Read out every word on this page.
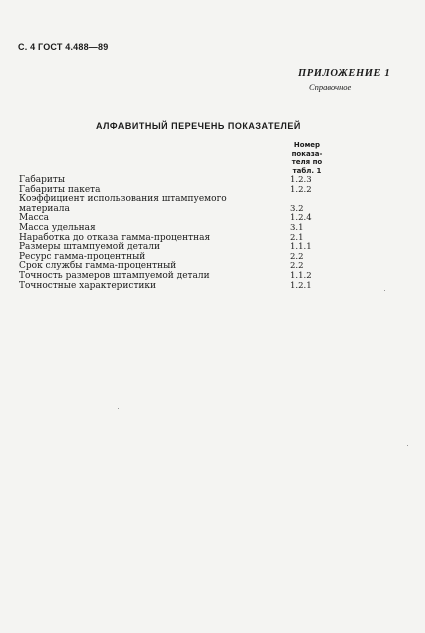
С. 4 ГОСТ 4.488—89
ПРИЛОЖЕНИЕ 1
Справочное
АЛФАВИТНЫЙ ПЕРЕЧЕНЬ ПОКАЗАТЕЛЕЙ
Номер
показа-
теля по
табл. 1
Габариты	1.2.3
Габариты пакета	1.2.2
Коэффициент использования штампуемого материала	3.2
Масса	1.2.4
Масса удельная	3.1
Наработка до отказа гамма-процентная	2.1
Размеры штампуемой детали	1.1.1
Ресурс гамма-процентный	2.2
Срок службы гамма-процентный	2.2
Точность размеров штампуемой детали	1.1.2
Точностные характеристики	1.2.1
